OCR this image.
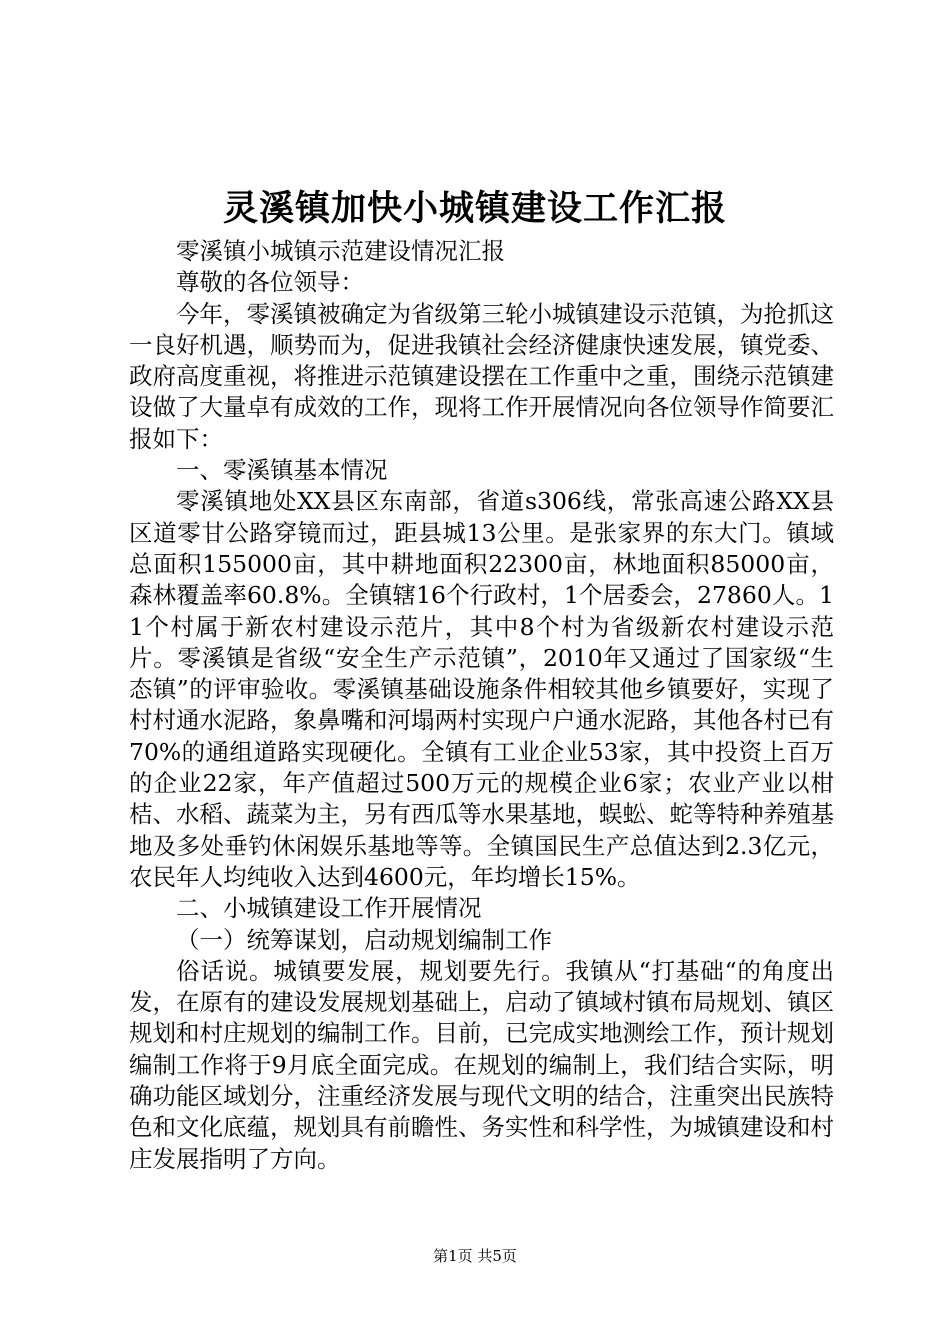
灵溪镇加快小城镇建设工作汇报

零溪镇小城镇示范建设情况汇报

尊敬的各位领导：

今年，零溪镇被确定为省级第三轮小城镇建设示范镇，为抢抓这一良好机遇，顺势而为，促进我镇社会经济健康快速发展，镇党委、政府高度重视，将推进示范镇建设摆在工作重中之重，围绕示范镇建设做了大量卓有成效的工作，现将工作开展情况向各位领导作简要汇报如下：

一、零溪镇基本情况

零溪镇地处XX县区东南部，省道s306线，常张高速公路XX县区道零甘公路穿镜而过，距县城13公里。是张家界的东大门。镇域总面积155000亩，其中耕地面积22300亩，林地面积85000亩，森林覆盖率60.8%。全镇辖16个行政村，1个居委会，27860人。11个村属于新农村建设示范片，其中8个村为省级新农村建设示范片。零溪镇是省级“安全生产示范镇”，2010年又通过了国家级“生态镇”的评审验收。零溪镇基础设施条件相较其他乡镇要好，实现了村村通水泥路，象鼻嘴和河塌两村实现户户通水泥路，其他各村已有70%的通组道路实现硬化。全镇有工业企业53家，其中投资上百万的企业22家，年产值超过500万元的规模企业6家；农业产业以柑桔、水稻、蔬菜为主，另有西瓜等水果基地，蜈蚣、蛇等特种养殖基地及多处垂钓休闲娱乐基地等等。全镇国民生产总值达到2.3亿元，农民年人均纯收入达到4600元，年均增长15%。

二、小城镇建设工作开展情况

（一）统筹谋划，启动规划编制工作

俗话说。城镇要发展，规划要先行。我镇从“打基础“的角度出发，在原有的建设发展规划基础上，启动了镇域村镇布局规划、镇区规划和村庄规划的编制工作。目前，已完成实地测绘工作，预计规划编制工作将于9月底全面完成。在规划的编制上，我们结合实际，明确功能区域划分，注重经济发展与现代文明的结合，注重突出民族特色和文化底蕴，规划具有前瞻性、务实性和科学性，为城镇建设和村庄发展指明了方向。

第1页 共5页
